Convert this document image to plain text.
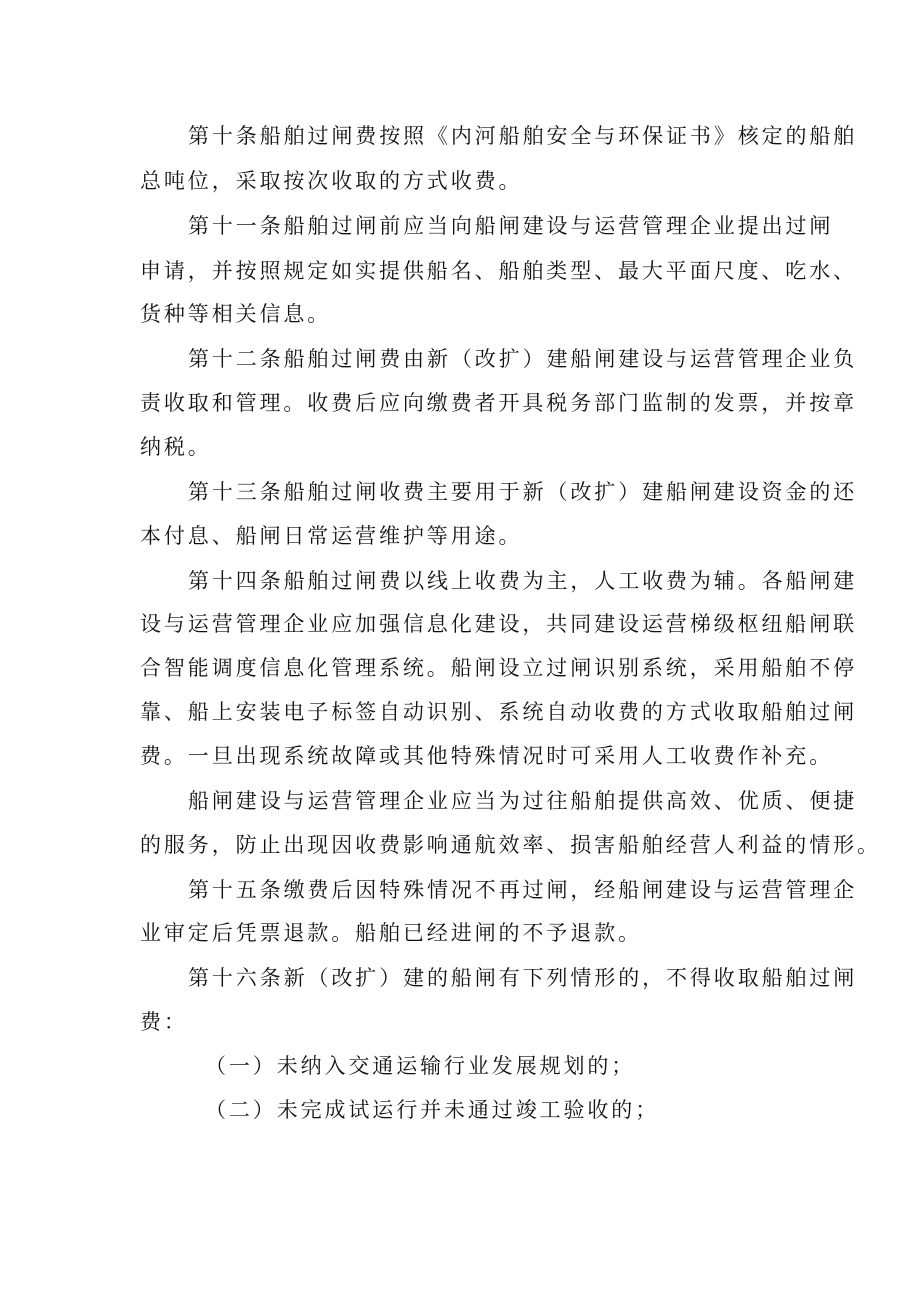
第十条船舶过闸费按照《内河船舶安全与环保证书》核定的船舶
总吨位，采取按次收取的方式收费。
第十一条船舶过闸前应当向船闸建设与运营管理企业提出过闸
申请，并按照规定如实提供船名、船舶类型、最大平面尺度、吃水、
货种等相关信息。
第十二条船舶过闸费由新（改扩）建船闸建设与运营管理企业负
责收取和管理。收费后应向缴费者开具税务部门监制的发票，并按章
纳税。
第十三条船舶过闸收费主要用于新（改扩）建船闸建设资金的还
本付息、船闸日常运营维护等用途。
第十四条船舶过闸费以线上收费为主，人工收费为辅。各船闸建
设与运营管理企业应加强信息化建设，共同建设运营梯级枢纽船闸联
合智能调度信息化管理系统。船闸设立过闸识别系统，采用船舶不停
靠、船上安装电子标签自动识别、系统自动收费的方式收取船舶过闸
费。一旦出现系统故障或其他特殊情况时可采用人工收费作补充。
船闸建设与运营管理企业应当为过往船舶提供高效、优质、便捷
的服务，防止出现因收费影响通航效率、损害船舶经营人利益的情形。
第十五条缴费后因特殊情况不再过闸，经船闸建设与运营管理企
业审定后凭票退款。船舶已经进闸的不予退款。
第十六条新（改扩）建的船闸有下列情形的，不得收取船舶过闸
费：
（一）未纳入交通运输行业发展规划的；
（二）未完成试运行并未通过竣工验收的；
